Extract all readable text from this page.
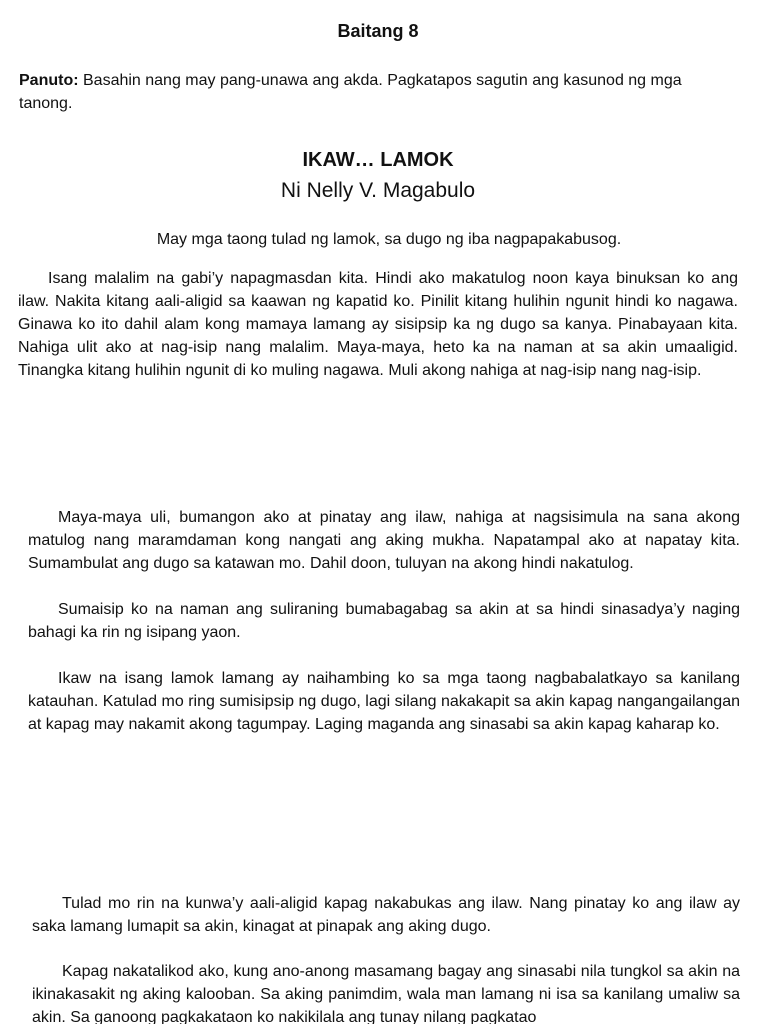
Baitang 8
Panuto: Basahin nang may pang-unawa ang akda. Pagkatapos sagutin ang kasunod ng mga tanong.
IKAW… LAMOK
Ni Nelly V. Magabulo
May mga taong tulad ng lamok, sa dugo ng iba nagpapakabusog.

Isang malalim na gabi’y napagmasdan kita. Hindi ako makatulog noon kaya binuksan ko ang ilaw. Nakita kitang aali-aligid sa kaawan ng kapatid ko. Pinilit kitang hulihin ngunit hindi ko nagawa. Ginawa ko ito dahil alam kong mamaya lamang ay sisipsip ka ng dugo sa kanya. Pinabayaan kita. Nahiga ulit ako at nag-isip nang malalim. Maya-maya, heto ka na naman at sa akin umaaligid. Tinangka kitang hulihin ngunit di ko muling nagawa. Muli akong nahiga at nag-isip nang nag-isip.

Maya-maya uli, bumangon ako at pinatay ang ilaw, nahiga at nagsisimula na sana akong matulog nang maramdaman kong nangati ang aking mukha. Napatampal ako at napatay kita. Sumambulat ang dugo sa katawan mo. Dahil doon, tuluyan na akong hindi nakatulog.

Sumaisip ko na naman ang suliraning bumabagabag sa akin at sa hindi sinasadya’y naging bahagi ka rin ng isipang yaon.

Ikaw na isang lamok lamang ay naihambing ko sa mga taong nagbabalatkayo sa kanilang katauhan. Katulad mo ring sumisipsip ng dugo, lagi silang nakakapit sa akin kapag nangangailangan at kapag may nakamit akong tagumpay. Laging maganda ang sinasabi sa akin kapag kaharap ko.

Tulad mo rin na kunwa’y aali-aligid kapag nakabukas ang ilaw. Nang pinatay ko ang ilaw ay saka lamang lumapit sa akin, kinagat at pinapak ang aking dugo.

Kapag nakatalikod ako, kung ano-anong masamang bagay ang sinasabi nila tungkol sa akin na ikinakasakit ng aking kalooban. Sa aking panimdim, wala man lamang ni isa sa kanilang umaliw sa akin. Sa ganoong pagkakataon ko nakikilala ang tunay nilang pagkatao
